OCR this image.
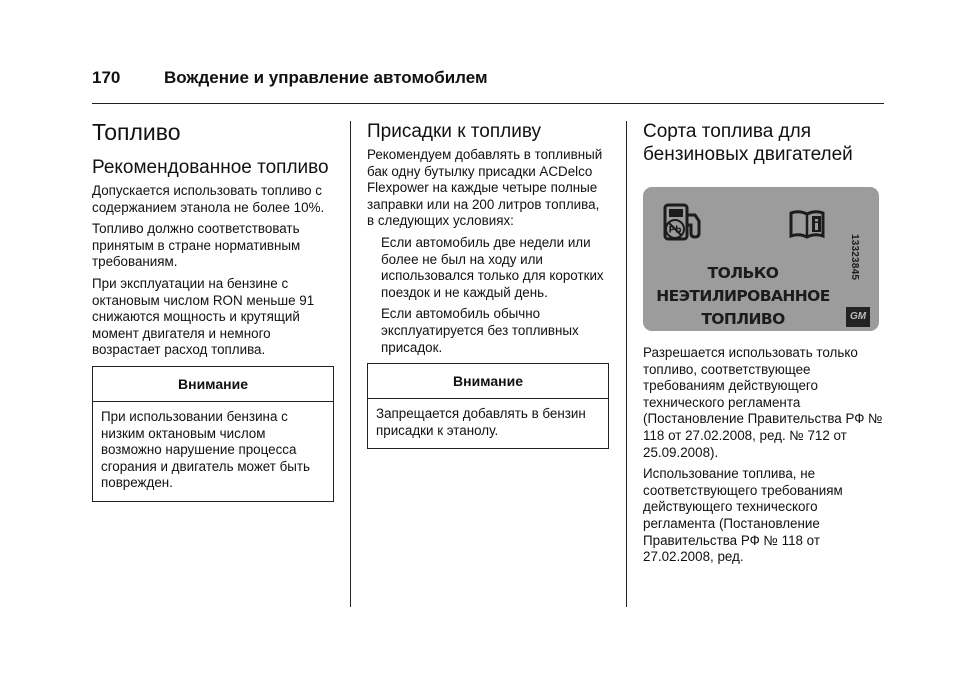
170	Вождение и управление автомобилем
Топливо
Рекомендованное топливо

Допускается использовать топливо с содержанием этанола не более 10%.

Топливо должно соответствовать принятым в стране нормативным требованиям.

При эксплуатации на бензине с октановым числом RON меньше 91 снижаются мощность и крутящий момент двигателя и немного возрастает расход топлива.

Внимание
При использовании бензина с низким октановым числом возможно нарушение процесса сгорания и двигатель может быть поврежден.
Присадки к топливу

Рекомендуем добавлять в топливный бак одну бутылку присадки ACDelco Flexpower на каждые четыре полные заправки или на 200 литров топлива, в следующих условиях:

Если автомобиль две недели или более не был на ходу или использовался только для коротких поездок и не каждый день.

Если автомобиль обычно эксплуатируется без топливных присадок.

Внимание
Запрещается добавлять в бензин присадки к этанолу.
Сорта топлива для бензиновых двигателей
Pb
ТОЛЬКО
НЕЭТИЛИРОВАННОЕ
ТОПЛИВО
13323845
GM

Разрешается использовать только топливо, соответствующее требованиям действующего технического регламента (Постановление Правительства РФ № 118 от 27.02.2008, ред. № 712 от 25.09.2008).

Использование топлива, не соответствующего требованиям действующего технического регламента (Постановление Правительства РФ № 118 от 27.02.2008, ред.
